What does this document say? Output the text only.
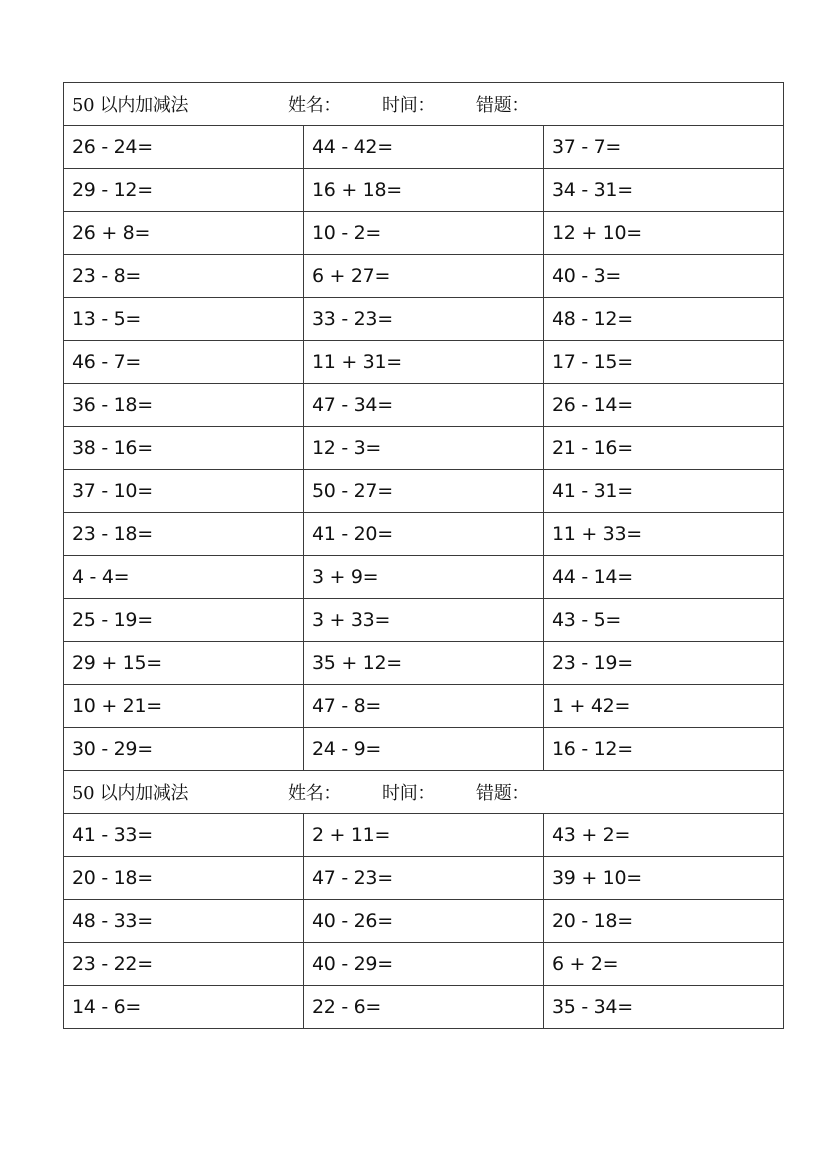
50 以内加减法 姓名： 时间： 错题：		
26 - 24=	44 - 42=	37 - 7=
29 - 12=	16 + 18=	34 - 31=
26 + 8=	10 - 2=	12 + 10=
23 - 8=	6 + 27=	40 - 3=
13 - 5=	33 - 23=	48 - 12=
46 - 7=	11 + 31=	17 - 15=
36 - 18=	47 - 34=	26 - 14=
38 - 16=	12 - 3=	21 - 16=
37 - 10=	50 - 27=	41 - 31=
23 - 18=	41 - 20=	11 + 33=
4 - 4=	3 + 9=	44 - 14=
25 - 19=	3 + 33=	43 - 5=
29 + 15=	35 + 12=	23 - 19=
10 + 21=	47 - 8=	1 + 42=
30 - 29=	24 - 9=	16 - 12=
50 以内加减法 姓名： 时间： 错题：		
41 - 33=	2 + 11=	43 + 2=
20 - 18=	47 - 23=	39 + 10=
48 - 33=	40 - 26=	20 - 18=
23 - 22=	40 - 29=	6 + 2=
14 - 6=	22 - 6=	35 - 34=
